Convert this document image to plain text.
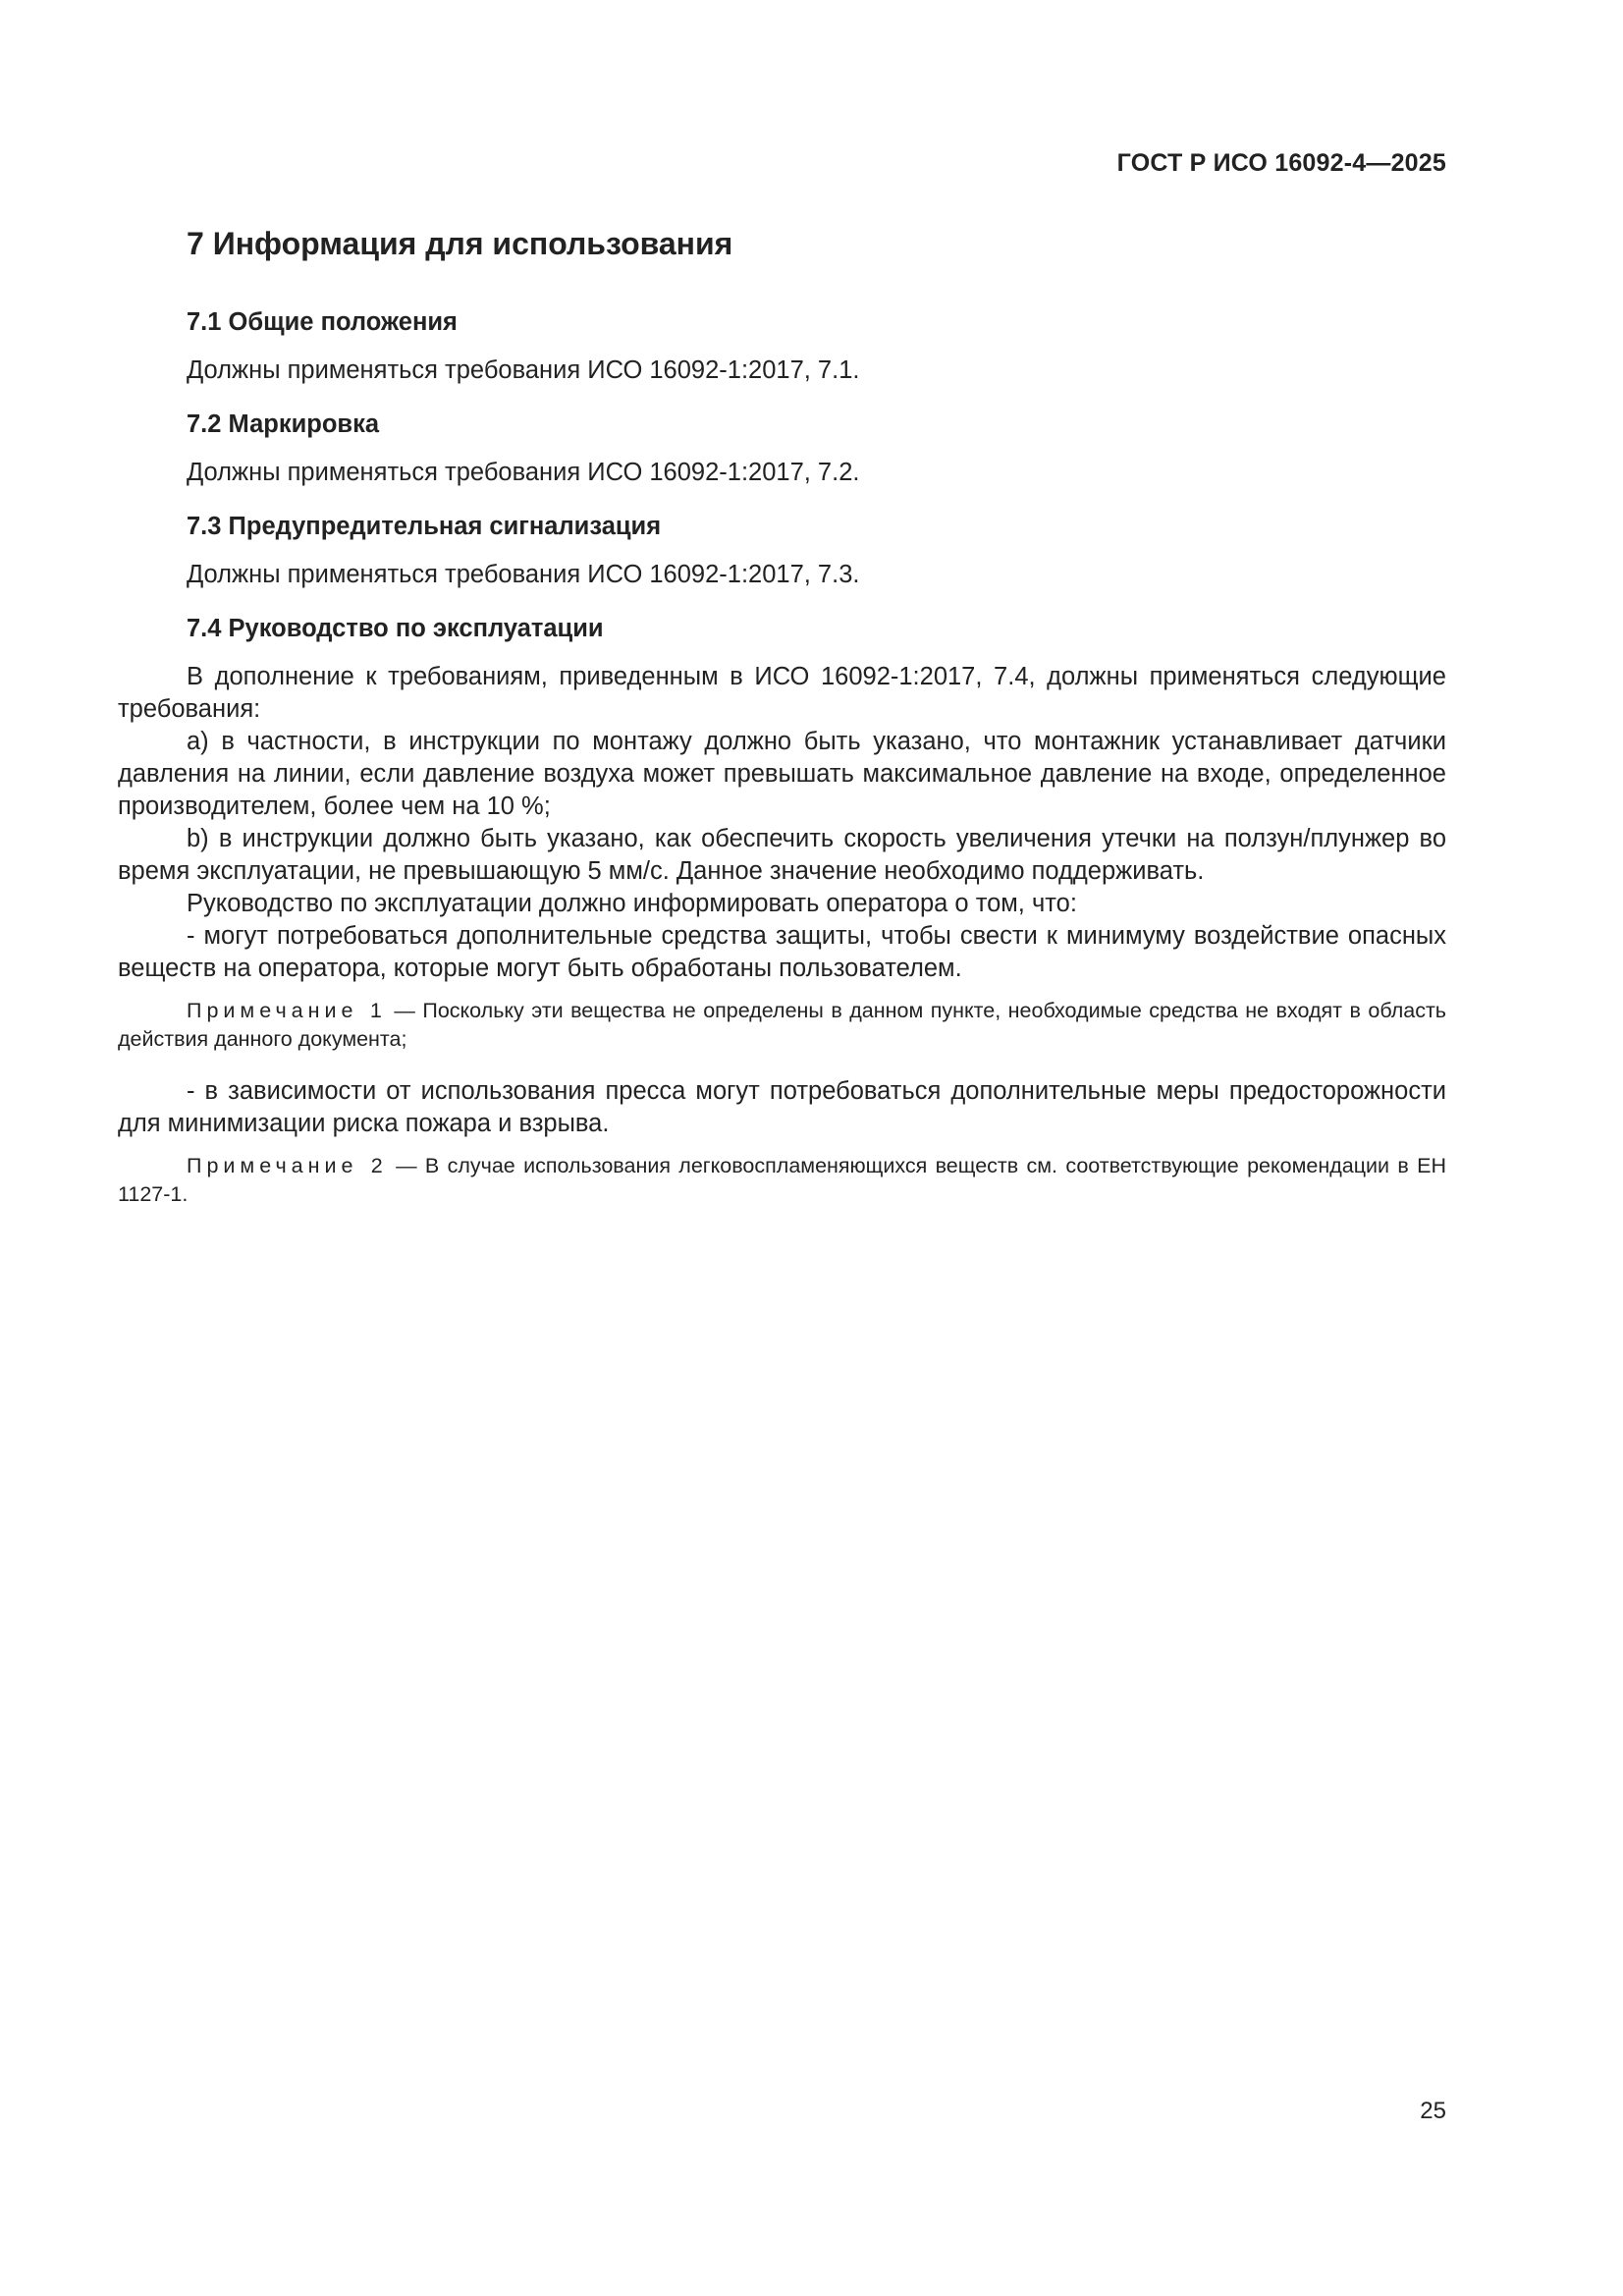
ГОСТ Р ИСО 16092-4—2025
7 Информация для использования

7.1 Общие положения

Должны применяться требования ИСО 16092-1:2017, 7.1.

7.2 Маркировка

Должны применяться требования ИСО 16092-1:2017, 7.2.

7.3 Предупредительная сигнализация

Должны применяться требования ИСО 16092-1:2017, 7.3.

7.4 Руководство по эксплуатации

В дополнение к требованиям, приведенным в ИСО 16092-1:2017, 7.4, должны применяться следующие требования:

a) в частности, в инструкции по монтажу должно быть указано, что монтажник устанавливает датчики давления на линии, если давление воздуха может превышать максимальное давление на входе, определенное производителем, более чем на 10 %;

b) в инструкции должно быть указано, как обеспечить скорость увеличения утечки на ползун/плунжер во время эксплуатации, не превышающую 5 мм/с. Данное значение необходимо поддерживать.

Руководство по эксплуатации должно информировать оператора о том, что:

- могут потребоваться дополнительные средства защиты, чтобы свести к минимуму воздействие опасных веществ на оператора, которые могут быть обработаны пользователем.

Примечание 1 — Поскольку эти вещества не определены в данном пункте, необходимые средства не входят в область действия данного документа;

- в зависимости от использования пресса могут потребоваться дополнительные меры предосторожности для минимизации риска пожара и взрыва.

Примечание 2 — В случае использования легковоспламеняющихся веществ см. соответствующие рекомендации в ЕН 1127-1.

25
